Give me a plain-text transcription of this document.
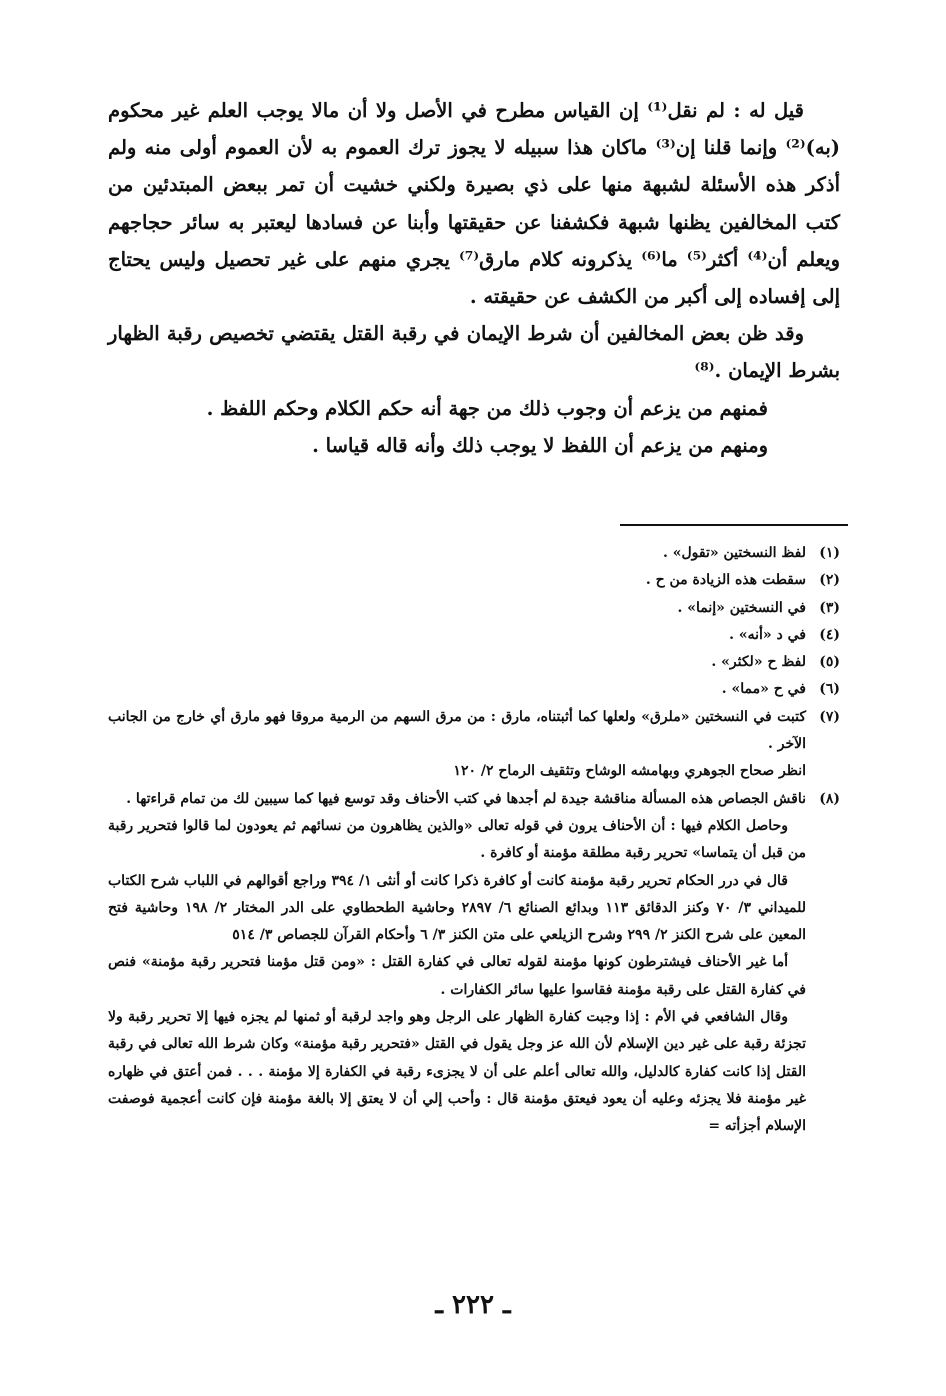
قيل له : لم نقل⁽¹⁾ إن القياس مطرح في الأصل ولا أن مالا يوجب العلم غير محكوم (به)⁽²⁾ وإنما قلنا إن⁽³⁾ ماكان هذا سبيله لا يجوز ترك العموم به لأن العموم أولى منه ولم أذكر هذه الأسئلة لشبهة منها على ذي بصيرة ولكني خشيت أن تمر ببعض المبتدئين من كتب المخالفين يظنها شبهة فكشفنا عن حقيقتها وأبنا عن فسادها ليعتبر به سائر حجاجهم ويعلم أن⁽⁴⁾ أكثر⁽⁵⁾ ما⁽⁶⁾ يذكرونه كلام مارق⁽⁷⁾ يجري منهم على غير تحصيل وليس يحتاج إلى إفساده إلى أكبر من الكشف عن حقيقته .

وقد ظن بعض المخالفين أن شرط الإيمان في رقبة القتل يقتضي تخصيص رقبة الظهار بشرط الإيمان .⁽⁸⁾

فمنهم من يزعم أن وجوب ذلك من جهة أنه حكم الكلام وحكم اللفظ .

ومنهم من يزعم أن اللفظ لا يوجب ذلك وأنه قاله قياسا .

(١)
لفظ النسختين «تقول» .

(٢)
سقطت هذه الزيادة من ح .

(٣)
في النسختين «إنما» .

(٤)
في د «أنه» .

(٥)
لفظ ح «لكثر» .

(٦)
في ح «مما» .

(٧)
كتبت في النسختين «ملرق» ولعلها كما أثبتناه، مارق : من مرق السهم من الرمية مروقا فهو مارق أي خارج من الجانب الآخر .

انظر صحاح الجوهري وبهامشه الوشاح وتثقيف الرماح ٢/ ١٢٠

(٨)
ناقش الجصاص هذه المسألة مناقشة جيدة لم أجدها في كتب الأحناف وقد توسع فيها كما سيبين لك من تمام قراءتها .

وحاصل الكلام فيها : أن الأحناف يرون في قوله تعالى «والذين يظاهرون من نسائهم ثم يعودون لما قالوا فتحرير رقبة من قبل أن يتماسا» تحرير رقبة مطلقة مؤمنة أو كافرة .

قال في درر الحكام تحرير رقبة مؤمنة كانت أو كافرة ذكرا كانت أو أنثى ١/ ٣٩٤ وراجع أقوالهم في اللباب شرح الكتاب للميداني ٣/ ٧٠ وكنز الدقائق ١١٣ وبدائع الصنائع ٦/ ٢٨٩٧ وحاشية الطحطاوي على الدر المختار ٢/ ١٩٨ وحاشية فتح المعين على شرح الكنز ٢/ ٢٩٩ وشرح الزيلعي على متن الكنز ٣/ ٦ وأحكام القرآن للجصاص ٣/ ٥١٤

أما غير الأحناف فيشترطون كونها مؤمنة لقوله تعالى في كفارة القتل : «ومن قتل مؤمنا فتحرير رقبة مؤمنة» فنص في كفارة القتل على رقبة مؤمنة فقاسوا عليها سائر الكفارات .

وقال الشافعي في الأم : إذا وجبت كفارة الظهار على الرجل وهو واجد لرقبة أو ثمنها لم يجزه فيها إلا تحرير رقبة ولا تجزئة رقبة على غير دين الإسلام لأن الله عز وجل يقول في القتل «فتحرير رقبة مؤمنة» وكان شرط الله تعالى في رقبة القتل إذا كانت كفارة كالدليل، والله تعالى أعلم على أن لا يجزىء رقبة في الكفارة إلا مؤمنة . . . فمن أعتق في ظهاره غير مؤمنة فلا يجزئه وعليه أن يعود فيعتق مؤمنة قال : وأحب إلي أن لا يعتق إلا بالغة مؤمنة فإن كانت أعجمية فوصفت الإسلام أجزأته =

ـ ٢٢٢ ـ
